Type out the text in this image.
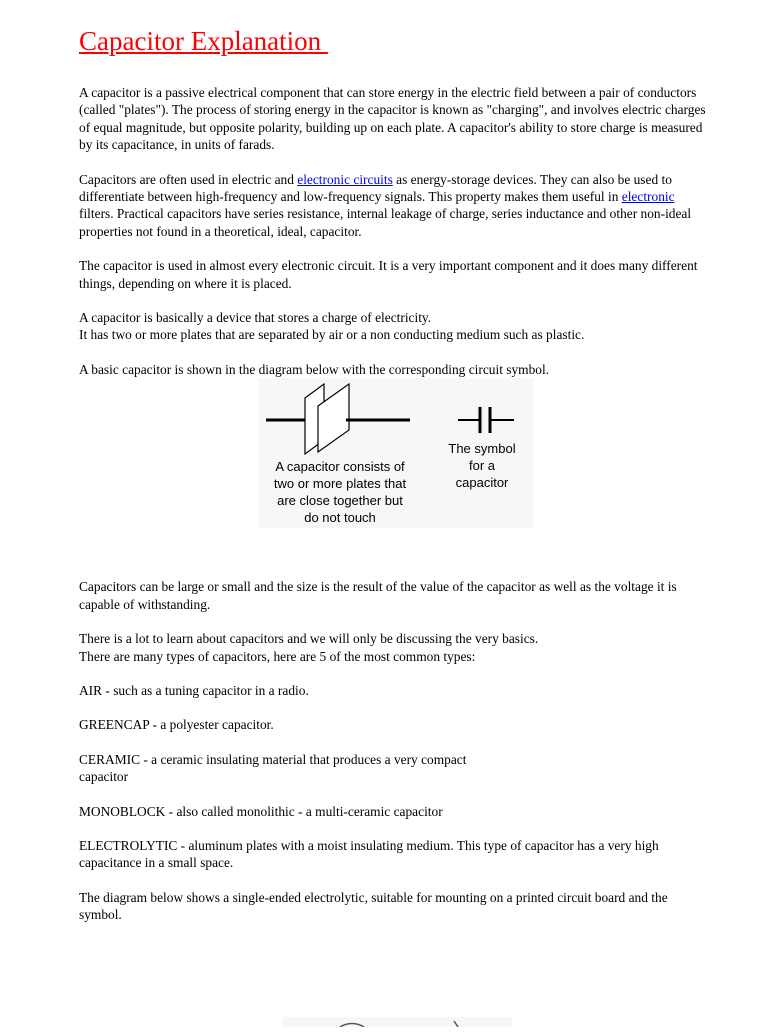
Capacitor Explanation

A capacitor is a passive electrical component that can store energy in the electric field between a pair of conductors (called "plates"). The process of storing energy in the capacitor is known as "charging", and involves electric charges of equal magnitude, but opposite polarity, building up on each plate. A capacitor's ability to store charge is measured by its capacitance, in units of farads.

Capacitors are often used in electric and electronic circuits as energy-storage devices. They can also be used to differentiate between high-frequency and low-frequency signals. This property makes them useful in electronic filters. Practical capacitors have series resistance, internal leakage of charge, series inductance and other non-ideal properties not found in a theoretical, ideal, capacitor.

The capacitor is used in almost every electronic circuit. It is a very important component and it does many different things, depending on where it is placed.

A capacitor is basically a device that stores a charge of electricity.
It has two or more plates that are separated by air or a non conducting medium such as plastic.

A basic capacitor is shown in the diagram below with the corresponding circuit symbol.

Capacitors can be large or small and the size is the result of the value of the capacitor as well as the voltage it is capable of withstanding.

There is a lot to learn about capacitors and we will only be discussing the very basics.
There are many types of capacitors, here are 5 of the most common types:

AIR - such as a tuning capacitor in a radio.

GREENCAP - a polyester capacitor.

CERAMIC - a ceramic insulating material that produces a very compact
capacitor

MONOBLOCK - also called monolithic - a multi-ceramic capacitor

ELECTROLYTIC - aluminum plates with a moist insulating medium. This type of capacitor has a very high capacitance in a small space.

The diagram below shows a single-ended electrolytic, suitable for mounting on a printed circuit board and the symbol.

A capacitor consists of
two or more plates that
are close together but
do not touch
The symbol
for a
capacitor
